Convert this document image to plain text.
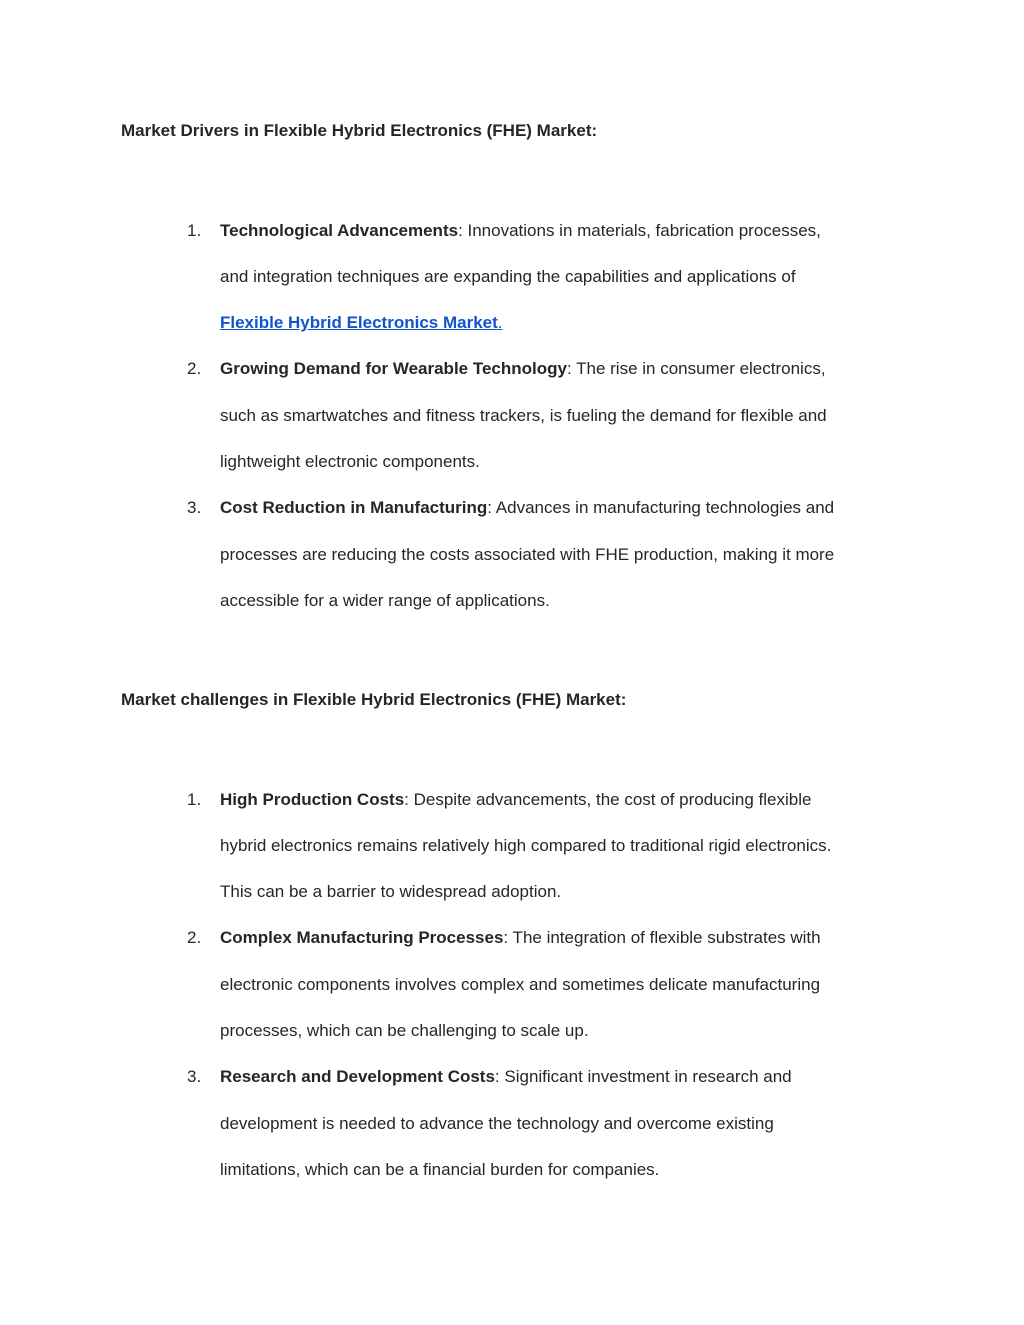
Market Drivers in Flexible Hybrid Electronics (FHE) Market:
1.	Technological Advancements: Innovations in materials, fabrication processes,
and integration techniques are expanding the capabilities and applications of
Flexible Hybrid Electronics Market.
2.	Growing Demand for Wearable Technology: The rise in consumer electronics,
such as smartwatches and fitness trackers, is fueling the demand for flexible and
lightweight electronic components.
3.	Cost Reduction in Manufacturing: Advances in manufacturing technologies and
processes are reducing the costs associated with FHE production, making it more
accessible for a wider range of applications.
Market challenges in Flexible Hybrid Electronics (FHE) Market:
1.	High Production Costs: Despite advancements, the cost of producing flexible
hybrid electronics remains relatively high compared to traditional rigid electronics.
This can be a barrier to widespread adoption.
2.	Complex Manufacturing Processes: The integration of flexible substrates with
electronic components involves complex and sometimes delicate manufacturing
processes, which can be challenging to scale up.
3.	Research and Development Costs: Significant investment in research and
development is needed to advance the technology and overcome existing
limitations, which can be a financial burden for companies.
